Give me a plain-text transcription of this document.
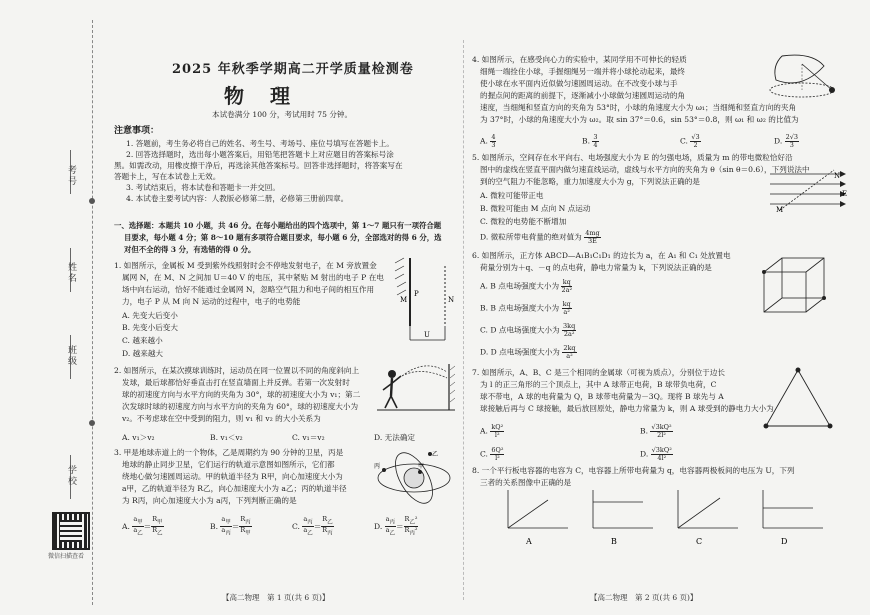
考号
姓名
班级
学校
微信扫描查看
2025 年秋季学期高二开学质量检测卷
物理
本试卷满分 100 分，考试用时 75 分钟。
注意事项：
1. 答题前，考生务必将自己的姓名、考生号、考场号、座位号填写在答题卡上。
2. 回答选择题时，选出每小题答案后，用铅笔把答题卡上对应题目的答案标号涂
黑。如需改动，用橡皮擦干净后，再选涂其他答案标号。回答非选择题时，将答案写在
答题卡上，写在本试卷上无效。
3. 考试结束后，将本试卷和答题卡一并交回。
4. 本试卷主要考试内容：人教版必修第二册，必修第三册前四章。
一、选择题：本题共 10 小题，共 46 分。在每小题给出的四个选项中，第 1～7 题只有一项符合题
目要求，每小题 4 分；第 8～10 题有多项符合题目要求，每小题 6 分，全部选对的得 6 分，选
对但不全的得 3 分，有选错的得 0 分。
1. 如图所示，金属板 M 受到紫外线照射时会不停地发射电子，在 M 旁放置金
属网 N，在 M、N 之间加 U＝40 V 的电压，其中紧贴 M 射出的电子 P 在电
场中向右运动，恰好不能通过金属网 N，忽略空气阻力和电子间的相互作用
力，电子 P 从 M 向 N 运动的过程中，电子的电势能
A. 先变大后变小
B. 先变小后变大
C. 越来越小
D. 越来越大
U
M	N
P
2. 如图所示，在某次摸球训练时，运动员在同一位置以不同的角度斜向上
发球，最后球都恰好垂直击打在竖直墙面上并反弹。若第一次发射时
球的初速度方向与水平方向的夹角为 30°，球的初速度大小为 v₁；第二
次发球时球的初速度方向与水平方向的夹角为 60°，球的初速度大小为
v₂。不考虑球在空中受到的阻力，则 v₁ 和 v₂ 的大小关系为
A. v₁＞v₂	B. v₁＜v₂	C. v₁＝v₂	D. 无法确定
3. 甲是地球赤道上的一个物体，乙是周期约为 90 分钟的卫星，丙是
地球的静止同步卫星，它们运行的轨道示意图如图所示，它们都
绕地心做匀速圆周运动。甲的轨道半径为 R甲，向心加速度大小为
a甲，乙的轨道半径为 R乙，向心加速度大小为 a乙；丙的轨道半径
为 R丙，向心加速度大小为 a丙，下列判断正确的是
A. $\frac{a_甲}{a_乙} = \frac{R_甲}{R_乙}$	B. $\frac{a_甲}{a_丙} = \frac{R_丙}{R_甲}$	C. $\frac{a_丙}{a_乙} = \frac{R_乙}{R_丙}$	D. $\frac{a_丙}{a_乙} = \frac{R_乙^2}{R_丙^2}$
甲
乙
丙
【高二物理　第 1 页(共 6 页)】
4. 如图所示，在感受向心力的实验中，某同学用不可伸长的轻质
细绳一端拴住小球，手握细绳另一端并将小球抡动起来，最终
使小球在水平面内近似做匀速圆周运动。在不改变小球与手
的握点间的距离的前提下，逐渐减小小球做匀速圆周运动的角
速度，当细绳和竖直方向的夹角为 53°时，小球的角速度大小为 ω₁；当细绳和竖直方向的夹角
为 37°时，小球的角速度大小为 ω₂。取 sin 37°＝0.6，sin 53°＝0.8，则 ω₁ 和 ω₂ 的比值为
A. $\frac{4}{3}$	B. $\frac{3}{4}$	C. $\frac{√3}{2}$	D. $\frac{2√3}{3}$
5. 如图所示，空间存在水平向右、电场强度大小为 E 的匀强电场，质量为 m 的带电微粒恰好沿
图中的虚线在竖直平面内做匀速直线运动，虚线与水平方向的夹角为 θ（sin θ＝0.6），下列说法中
到的空气阻力不能忽略，重力加速度大小为 g，下列说法正确的是
A. 微粒可能带正电
B. 微粒可能由 M 点向 N 点运动
C. 微粒的电势能不断增加
D. 微粒所带电荷量的绝对值为 $\frac{4mg}{3E}$
M
N
E
6. 如图所示，正方体 ABCD—A₁B₁C₁D₁ 的边长为 a，在 A₁ 和 C₁ 处放置电
荷量分别为＋q、－q 的点电荷，静电力常量为 k，下列说法正确的是
A. B 点电场强度大小为 $\frac{kq}{\text{2a²}}$
B. B 点电场强度大小为 $\frac{kq}{\text{a²}}$
C. D 点电场强度大小为 $\frac{3kq}{\text{2a²}}$
D. D 点电场强度大小为 $\frac{2kq}{\text{a²}}$
7. 如图所示，A、B、C 是三个相同的金属球（可视为质点），分别位于边长
为 l 的正三角形的三个顶点上，其中 A 球带正电荷，B 球带负电荷，C
球不带电，A 球的电荷量为 Q，B 球带电荷量为－3Q。现将 B 球先与 A
球接触后再与 C 球接触，最后放回原处，静电力常量为 k，则 A 球受到的静电力大小为
A. $\frac{\text{kQ²}}{\text{l²}}$	B. $\frac{\text{√3kQ²}}{\text{2l²}}$
C. $\frac{\text{6Q²}}{\text{l²}}$	D. $\frac{\text{√3kQ²}}{\text{4l²}}$
8. 一个平行板电容器的电容为 C，电容器上所带电荷量为 q，电容器两极板间的电压为 U，下列
三者的关系图像中正确的是
A	B	C	D
【高二物理　第 2 页(共 6 页)】
